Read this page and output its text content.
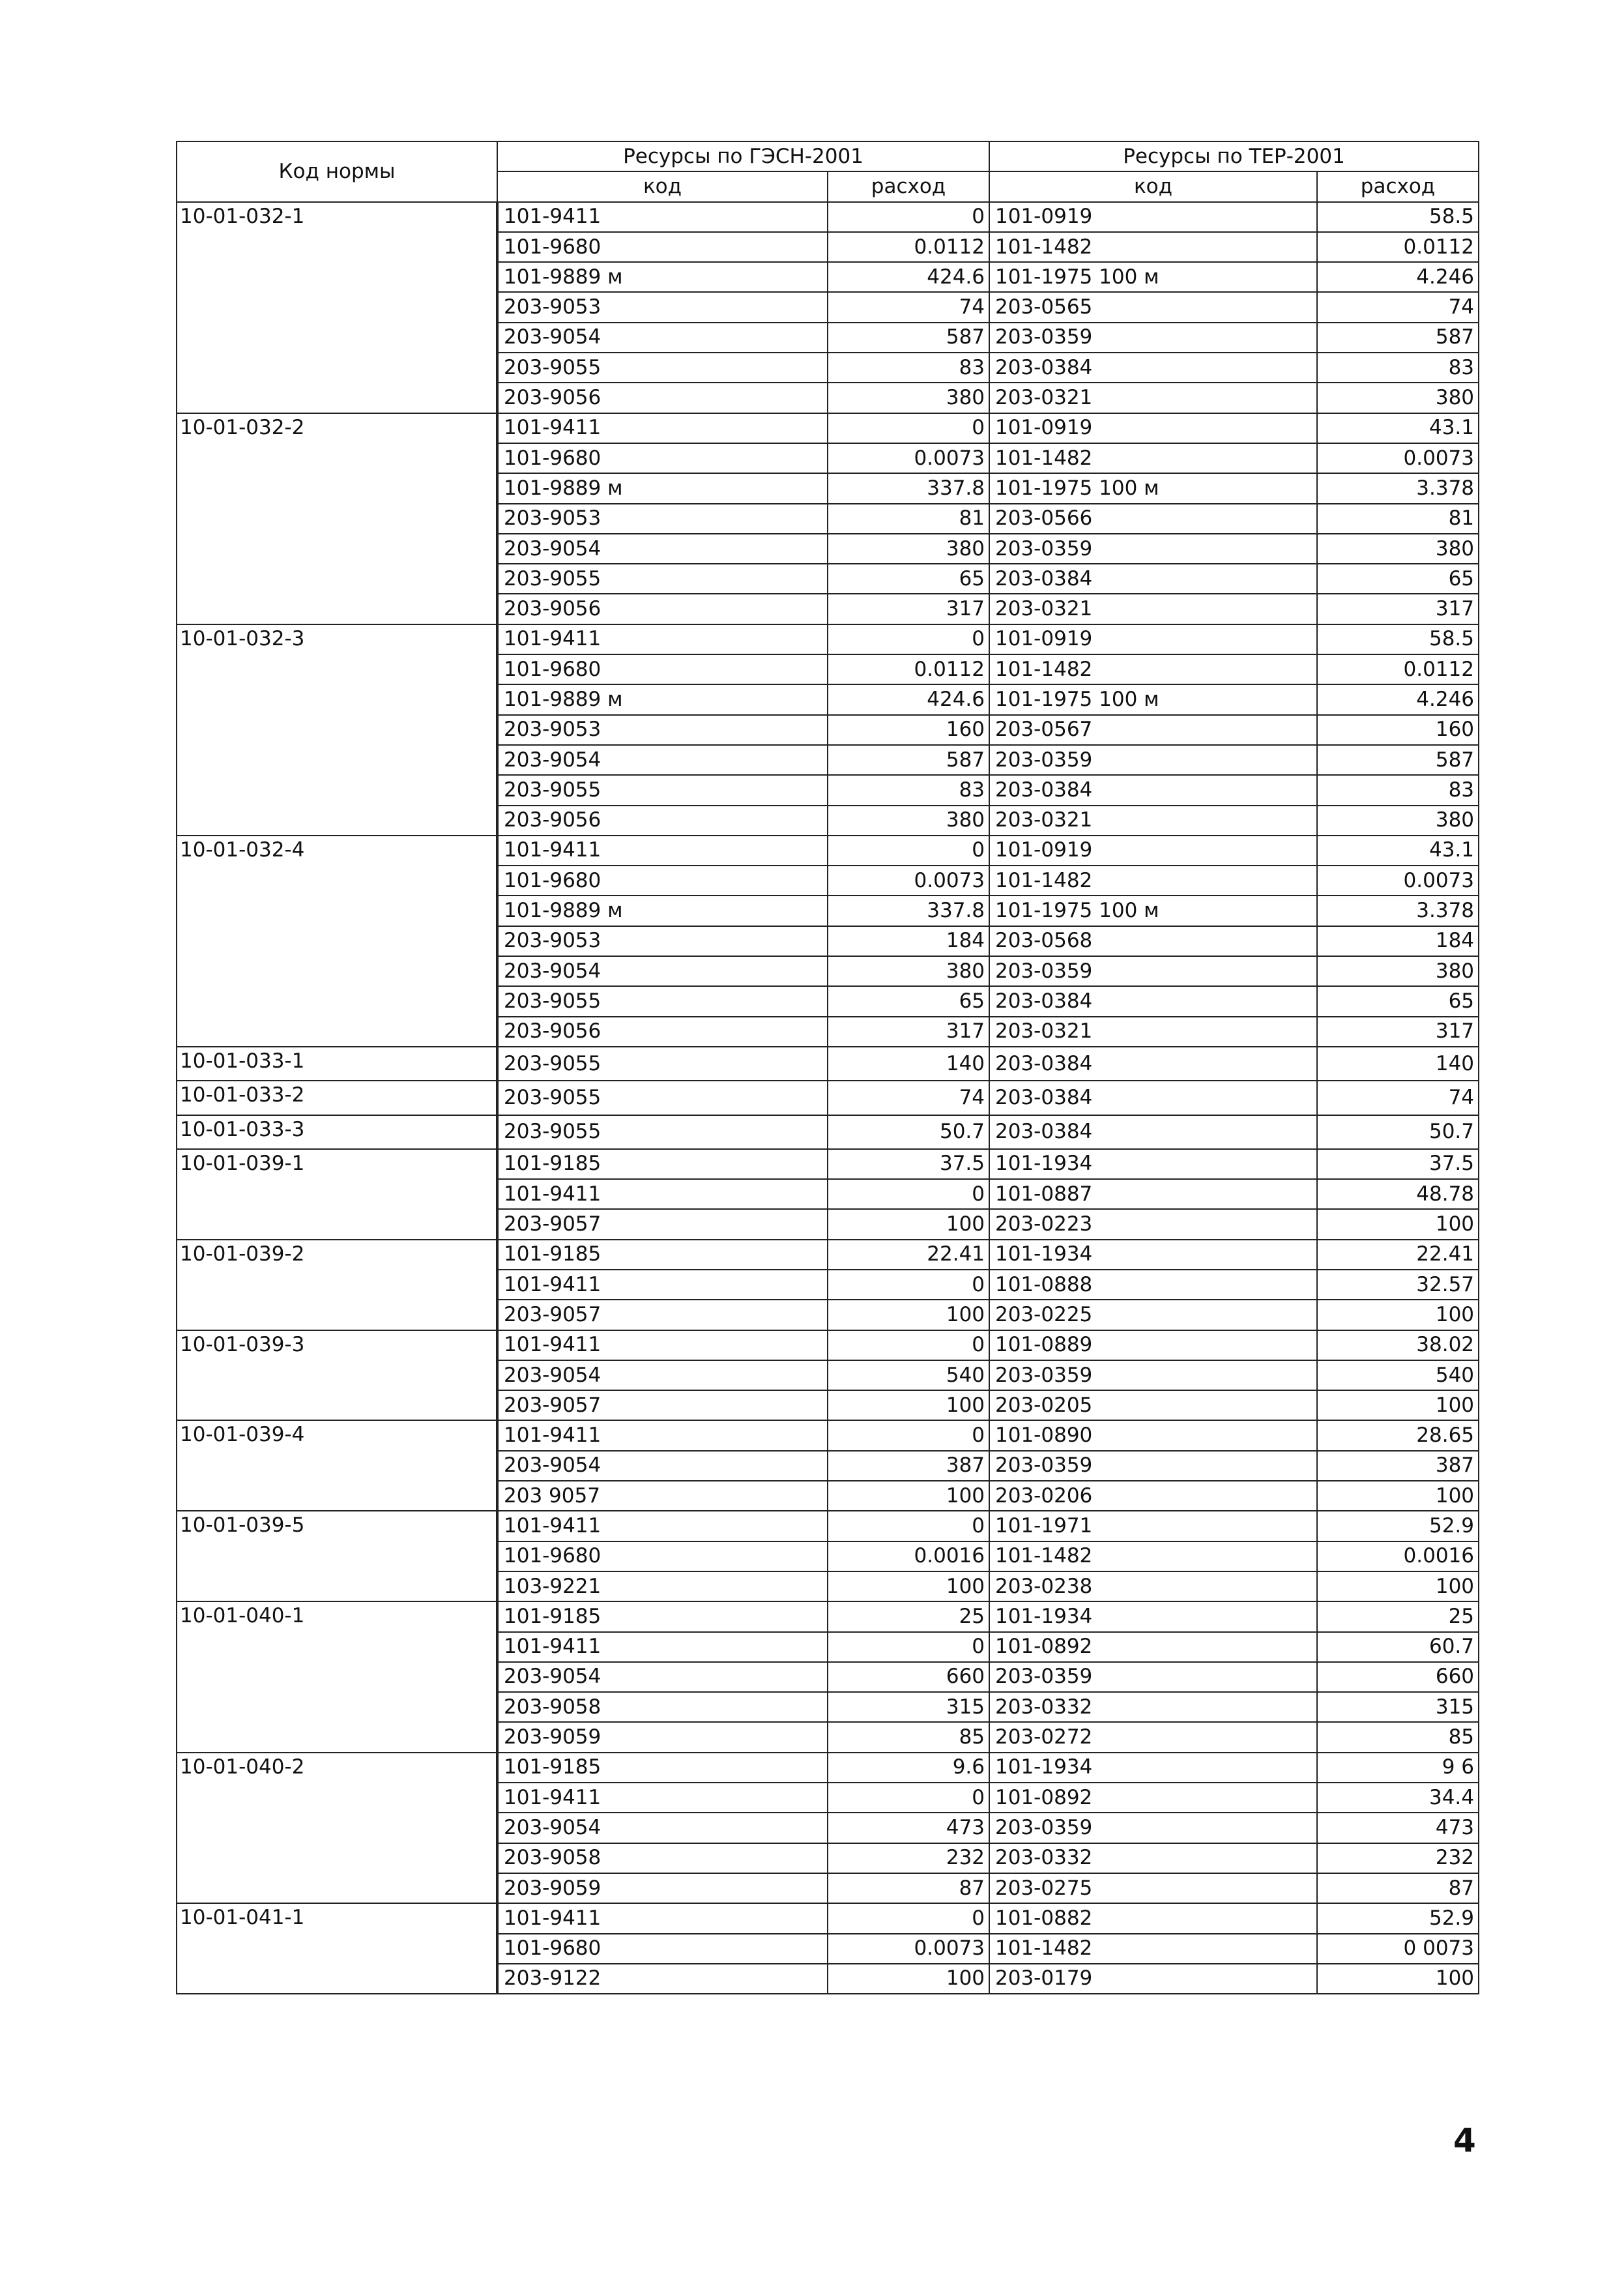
Код нормы	Ресурсы по ГЭСН-2001		Ресурсы по ТЕР-2001	
	код	расход	код	расход
10-01-032-1	101-9411	0	101-0919	58.5
	101-9680	0.0112	101-1482	0.0112
	101-9889 м	424.6	101-1975 100 м	4.246
	203-9053	74	203-0565	74
	203-9054	587	203-0359	587
	203-9055	83	203-0384	83
	203-9056	380	203-0321	380
10-01-032-2	101-9411	0	101-0919	43.1
	101-9680	0.0073	101-1482	0.0073
	101-9889 м	337.8	101-1975 100 м	3.378
	203-9053	81	203-0566	81
	203-9054	380	203-0359	380
	203-9055	65	203-0384	65
	203-9056	317	203-0321	317
10-01-032-3	101-9411	0	101-0919	58.5
	101-9680	0.0112	101-1482	0.0112
	101-9889 м	424.6	101-1975 100 м	4.246
	203-9053	160	203-0567	160
	203-9054	587	203-0359	587
	203-9055	83	203-0384	83
	203-9056	380	203-0321	380
10-01-032-4	101-9411	0	101-0919	43.1
	101-9680	0.0073	101-1482	0.0073
	101-9889 м	337.8	101-1975 100 м	3.378
	203-9053	184	203-0568	184
	203-9054	380	203-0359	380
	203-9055	65	203-0384	65
	203-9056	317	203-0321	317
10-01-033-1	203-9055	140	203-0384	140
10-01-033-2	203-9055	74	203-0384	74
10-01-033-3	203-9055	50.7	203-0384	50.7
10-01-039-1	101-9185	37.5	101-1934	37.5
	101-9411	0	101-0887	48.78
	203-9057	100	203-0223	100
10-01-039-2	101-9185	22.41	101-1934	22.41
	101-9411	0	101-0888	32.57
	203-9057	100	203-0225	100
10-01-039-3	101-9411	0	101-0889	38.02
	203-9054	540	203-0359	540
	203-9057	100	203-0205	100
10-01-039-4	101-9411	0	101-0890	28.65
	203-9054	387	203-0359	387
	203 9057	100	203-0206	100
10-01-039-5	101-9411	0	101-1971	52.9
	101-9680	0.0016	101-1482	0.0016
	103-9221	100	203-0238	100
10-01-040-1	101-9185	25	101-1934	25
	101-9411	0	101-0892	60.7
	203-9054	660	203-0359	660
	203-9058	315	203-0332	315
	203-9059	85	203-0272	85
10-01-040-2	101-9185	9.6	101-1934	9 6
	101-9411	0	101-0892	34.4
	203-9054	473	203-0359	473
	203-9058	232	203-0332	232
	203-9059	87	203-0275	87
10-01-041-1	101-9411	0	101-0882	52.9
	101-9680	0.0073	101-1482	0 0073
	203-9122	100	203-0179	100
4
